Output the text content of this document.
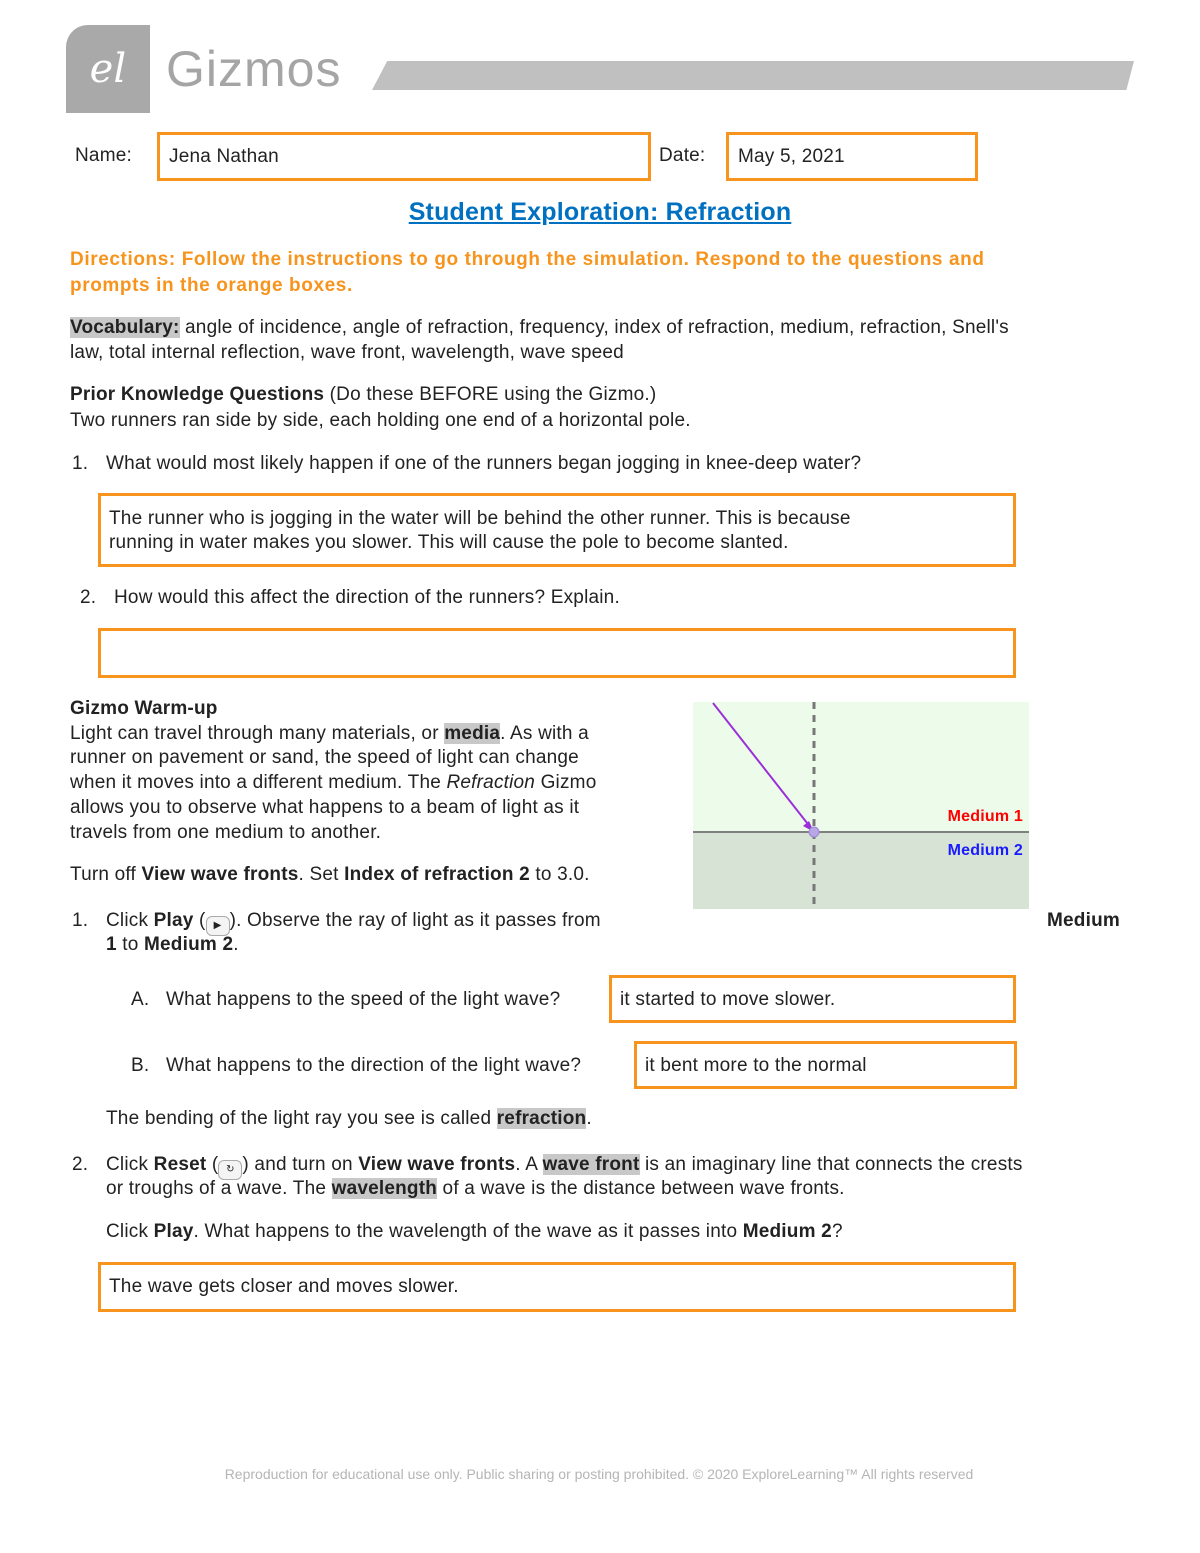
el Gizmos
Name: Jena Nathan	Date: May 5, 2021
Student Exploration: Refraction
Directions: Follow the instructions to go through the simulation. Respond to the questions and
prompts in the orange boxes.
Vocabulary: angle of incidence, angle of refraction, frequency, index of refraction, medium, refraction, Snell's
law, total internal reflection, wave front, wavelength, wave speed
Prior Knowledge Questions (Do these BEFORE using the Gizmo.)
Two runners ran side by side, each holding one end of a horizontal pole.
1. What would most likely happen if one of the runners began jogging in knee-deep water?
The runner who is jogging in the water will be behind the other runner. This is because
running in water makes you slower. This will cause the pole to become slanted.
2. How would this affect the direction of the runners? Explain.
Gizmo Warm-up
Light can travel through many materials, or media. As with a
runner on pavement or sand, the speed of light can change
when it moves into a different medium. The Refraction Gizmo
allows you to observe what happens to a beam of light as it
travels from one medium to another.
Turn off View wave fronts. Set Index of refraction 2 to 3.0.
Medium 1
Medium 2
1. Click Play ( ▶ ). Observe the ray of light as it passes from	Medium
1 to Medium 2.
A. What happens to the speed of the light wave?	it started to move slower.
B. What happens to the direction of the light wave?	it bent more to the normal
The bending of the light ray you see is called refraction.
2. Click Reset ( ↻ ) and turn on View wave fronts. A wave front is an imaginary line that connects the crests
or troughs of a wave. The wavelength of a wave is the distance between wave fronts.
Click Play. What happens to the wavelength of the wave as it passes into Medium 2?
The wave gets closer and moves slower.
Reproduction for educational use only. Public sharing or posting prohibited. © 2020 ExploreLearning™ All rights reserved
